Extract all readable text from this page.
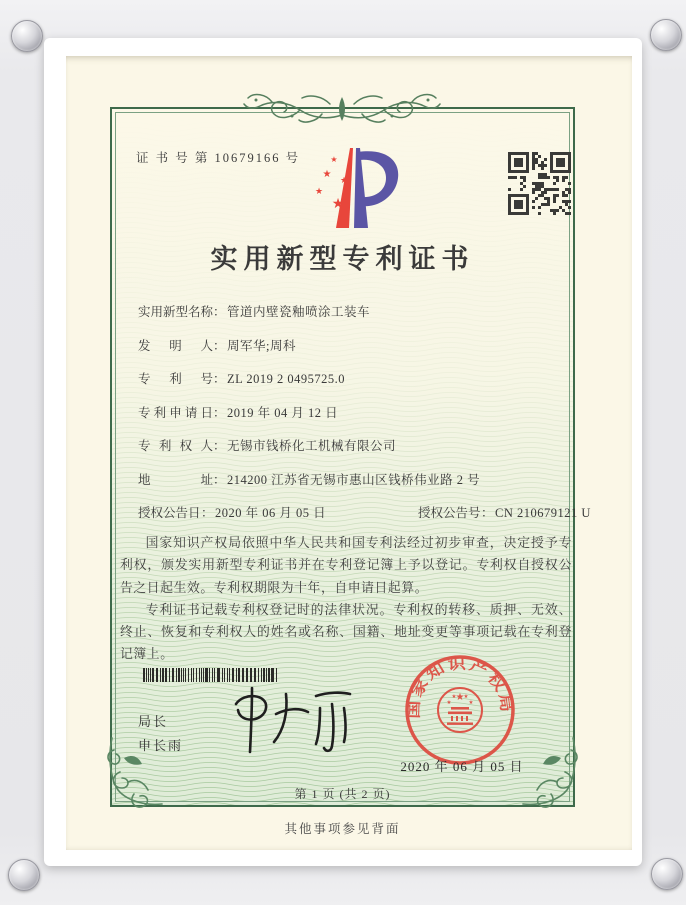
证 书 号 第 10679166 号	★
★ ★
★
★
实用新型专利证书
实用新型名称：管道内壁瓷釉喷涂工装车
发明人：周军华;周科
专利号：ZL 2019 2 0495725.0
专利申请日：2019 年 04 月 12 日
专利权人：无锡市钱桥化工机械有限公司
地址：214200 江苏省无锡市惠山区钱桥伟业路 2 号
授权公告日：2020 年 06 月 05 日	授权公告号：CN 210679121 U

国家知识产权局依照中华人民共和国专利法经过初步审查，决定授予专利权，颁发实用新型专利证书并在专利登记簿上予以登记。专利权自授权公告之日起生效。专利权期限为十年，自申请日起算。

专利证书记载专利权登记时的法律状况。专利权的转移、质押、无效、终止、恢复和专利权人的姓名或名称、国籍、地址变更等事项记载在专利登记簿上。

局长
申长雨
国家知识产权局
★
★
★ ★
★
2020 年 06 月 05 日
第 1 页 (共 2 页)
其他事项参见背面
